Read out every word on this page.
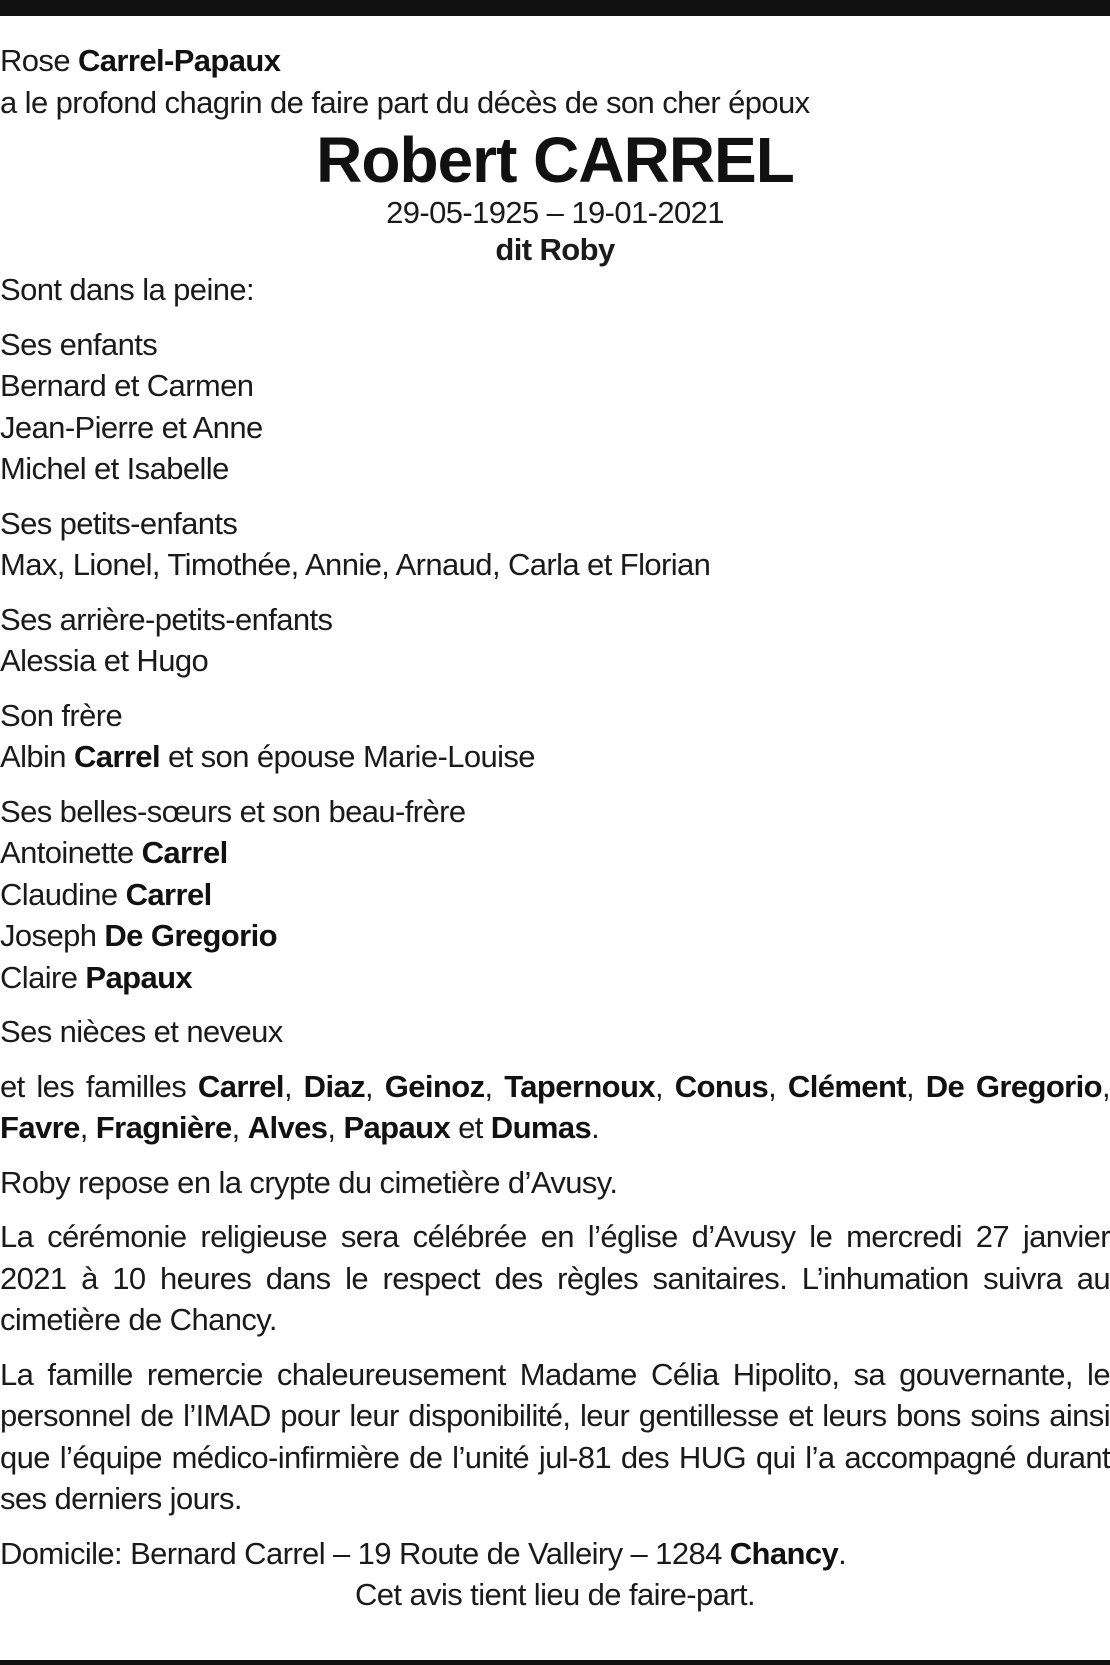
Rose Carrel-Papaux

a le profond chagrin de faire part du décès de son cher époux

Robert CARREL
29-05-1925 – 19-01-2021
dit Roby

Sont dans la peine:

Ses enfants

Bernard et Carmen

Jean-Pierre et Anne

Michel et Isabelle

Ses petits-enfants

Max, Lionel, Timothée, Annie, Arnaud, Carla et Florian

Ses arrière-petits-enfants

Alessia et Hugo

Son frère

Albin Carrel et son épouse Marie-Louise

Ses belles-sœurs et son beau-frère

Antoinette Carrel

Claudine Carrel

Joseph De Gregorio

Claire Papaux

Ses nièces et neveux

et les familles Carrel, Diaz, Geinoz, Tapernoux, Conus, Clément, De Gregorio, Favre, Fragnière, Alves, Papaux et Dumas.

Roby repose en la crypte du cimetière d’Avusy.

La cérémonie religieuse sera célébrée en l’église d’Avusy le mercredi 27 janvier 2021 à 10 heures dans le respect des règles sanitaires. L’inhumation suivra au cimetière de Chancy.

La famille remercie chaleureusement Madame Célia Hipolito, sa gouvernante, le personnel de l’IMAD pour leur disponibilité, leur gentillesse et leurs bons soins ainsi que l’équipe médico-infirmière de l’unité jul-81 des HUG qui l’a accompagné durant ses derniers jours.

Domicile: Bernard Carrel – 19 Route de Valleiry – 1284 Chancy.

Cet avis tient lieu de faire-part.
